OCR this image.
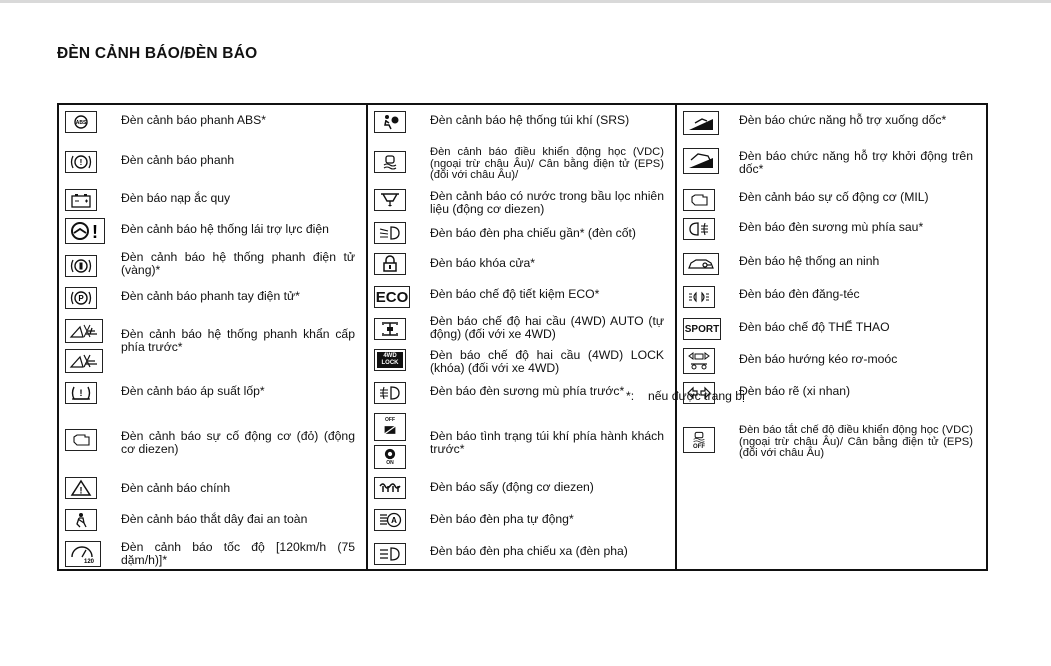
ĐÈN CẢNH BÁO/ĐÈN BÁO
ABS	Đèn cảnh báo phanh ABS*
!	Đèn cảnh báo phanh
Đèn báo nạp ắc quy
! Đèn cảnh báo hệ thống lái trợ lực điện
Đèn cảnh báo hệ thống phanh điện tử (vàng)*
P	Đèn cảnh báo phanh tay điện tử*
Đèn cảnh báo hệ thống phanh khẩn cấp phía trước*
!	Đèn cảnh báo áp suất lốp*
Đèn cảnh báo sự cố động cơ (đỏ) (động cơ diezen)
!	Đèn cảnh báo chính
Đèn cảnh báo thắt dây đai an toàn
120
Đèn cảnh báo tốc độ [120km/h (75 dặm/h)]*
Đèn cảnh báo hệ thống túi khí (SRS)
Đèn cảnh báo điều khiển động học (VDC) (ngoại trừ châu Âu)/ Cân bằng điện tử (EPS) (đối với châu Âu)/
Đèn cảnh báo có nước trong bầu lọc nhiên liệu (động cơ diezen)
Đèn báo đèn pha chiếu gần* (đèn cốt)
Đèn báo khóa cửa*
ECO Đèn báo chế độ tiết kiệm ECO*
Đèn báo chế độ hai cầu (4WD) AUTO (tự động) (đối với xe 4WD)
4WD LOCK
Đèn báo chế độ hai cầu (4WD) LOCK (khóa) (đối với xe 4WD)
Đèn báo đèn sương mù phía trước*
OFF
ON
Đèn báo tình trạng túi khí phía hành khách trước*
Đèn báo sấy (động cơ diezen)
A	Đèn báo đèn pha tự động*
Đèn báo đèn pha chiếu xa (đèn pha)
Đèn báo chức năng hỗ trợ xuống dốc*
Đèn báo chức năng hỗ trợ khởi động trên dốc*
Đèn cảnh báo sự cố động cơ (MIL)
Đèn báo đèn sương mù phía sau*
Đèn báo hệ thống an ninh
Đèn báo đèn đăng-téc
SPORT Đèn báo chế độ THỂ THAO
Đèn báo hướng kéo rơ-moóc
Đèn báo rẽ (xi nhan)
OFF
Đèn báo tắt chế độ điều khiển động học (VDC) (ngoại trừ châu Âu)/ Cân bằng điện tử (EPS) (đối với châu Âu)
*: nếu được trang bị
